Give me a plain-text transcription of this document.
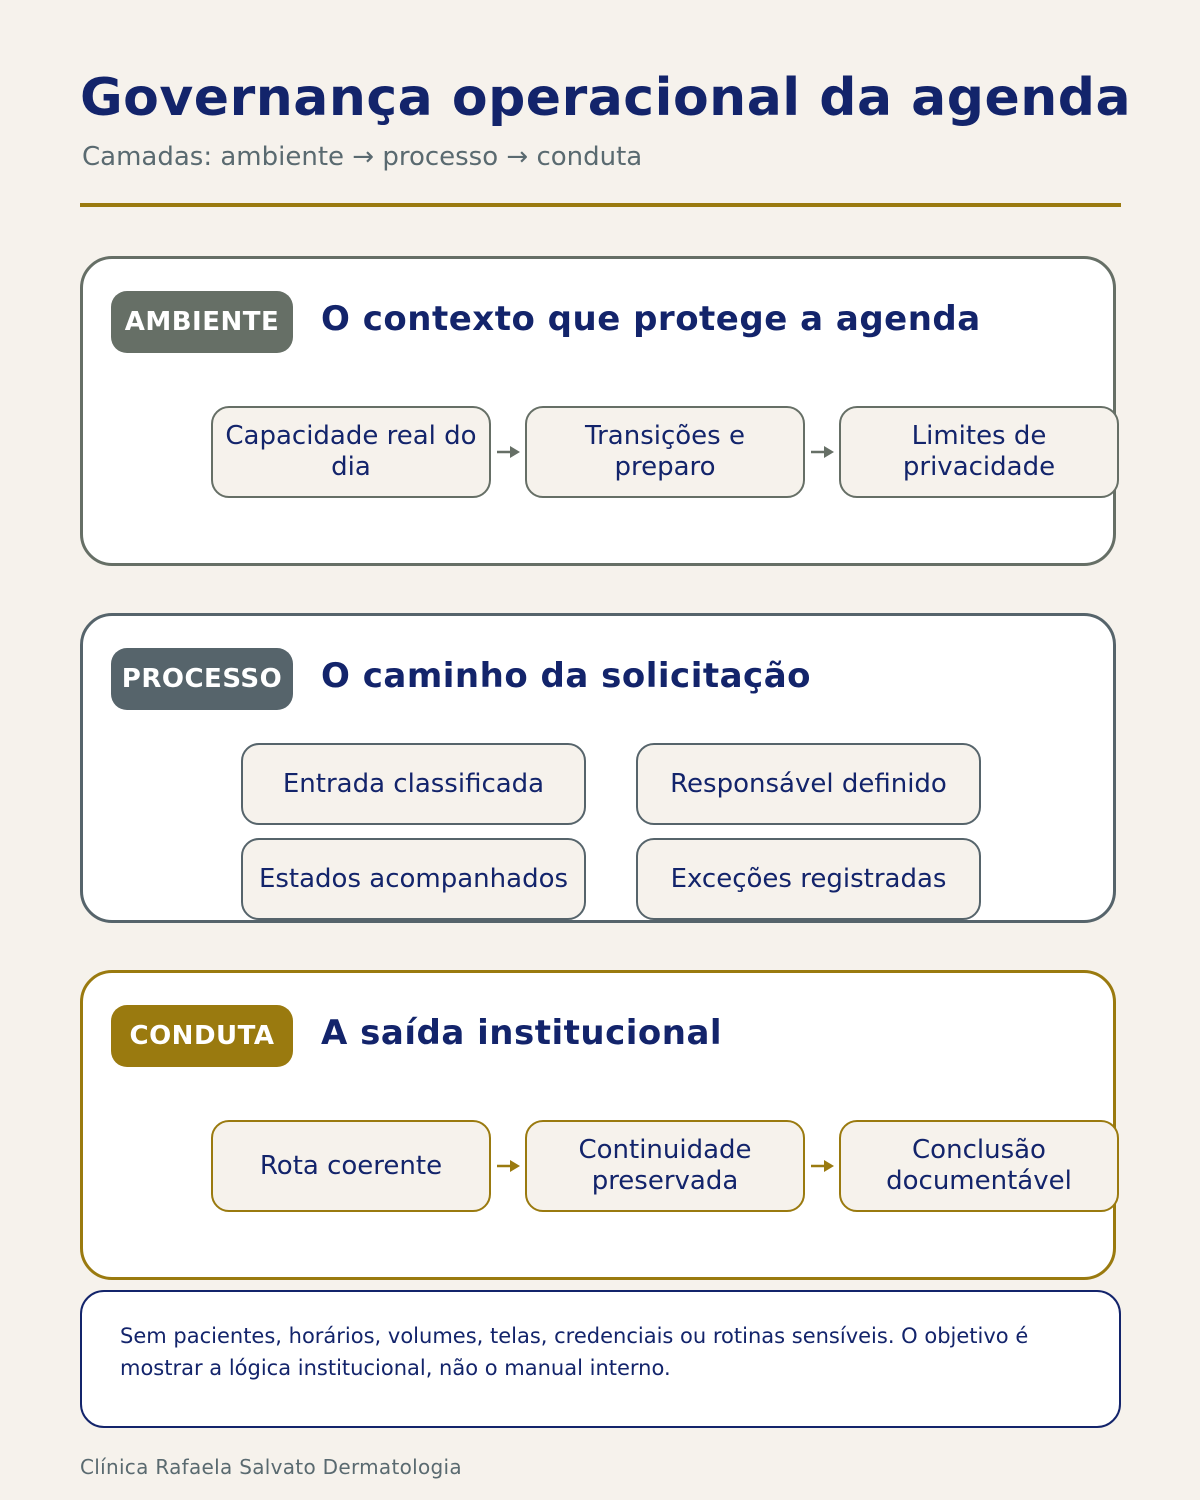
Governança operacional da agenda
Camadas: ambiente → processo → conduta
AMBIENTE	O contexto que protege a agenda
Capacidade real do dia
Transições e preparo
Limites de privacidade
PROCESSO	O caminho da solicitação
Entrada classificada	Responsável definido
Estados acompanhados	Exceções registradas
CONDUTA	A saída institucional
Rota coerente
Continuidade preservada
Conclusão documentável
Sem pacientes, horários, volumes, telas, credenciais ou rotinas sensíveis. O objetivo é mostrar a lógica institucional, não o manual interno.
Clínica Rafaela Salvato Dermatologia
